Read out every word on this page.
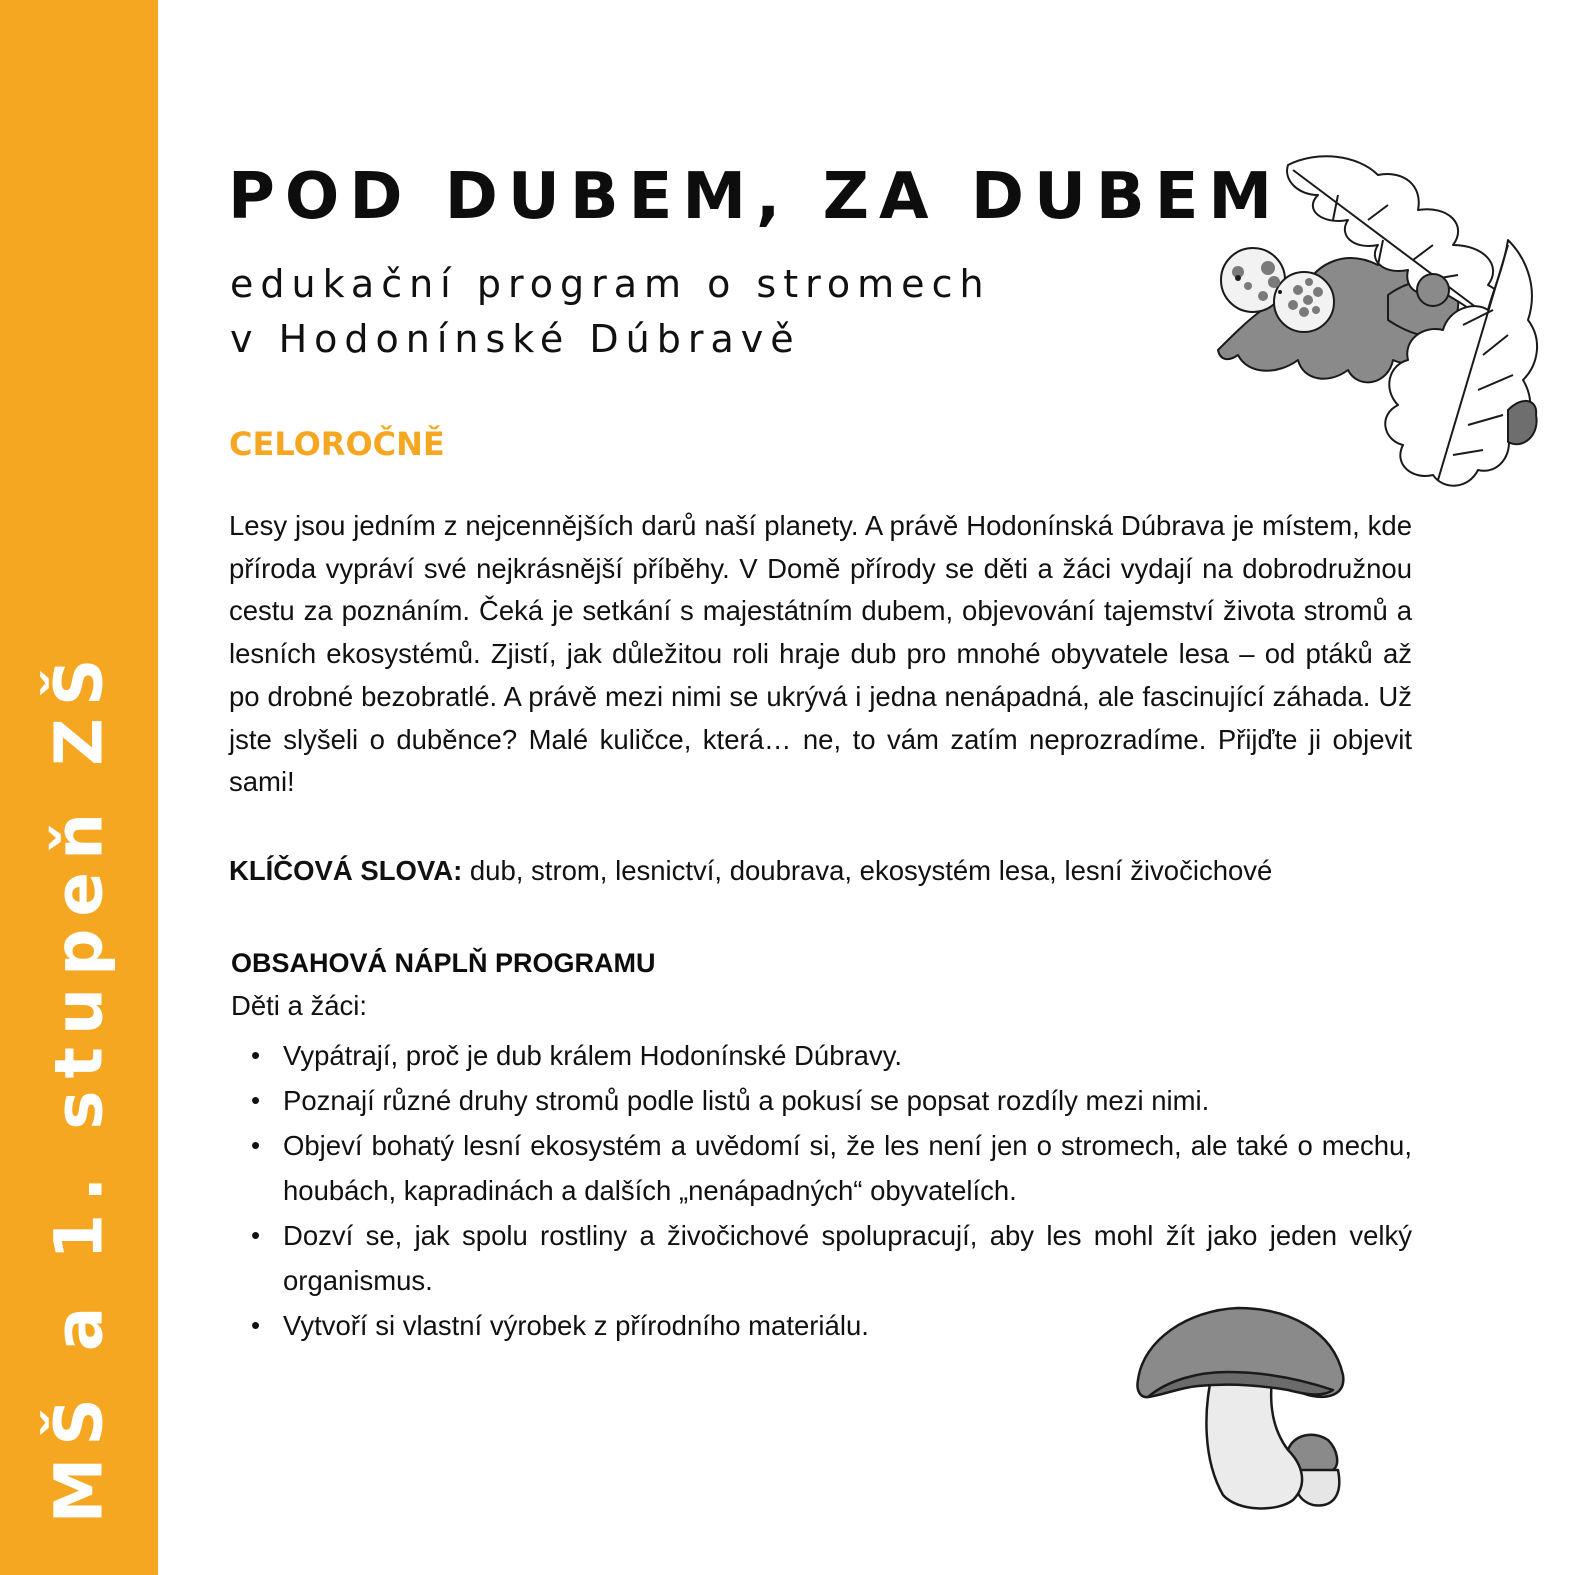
MŠ a 1. stupeň ZŠ
POD DUBEM, ZA DUBEM
edukační program o stromech
v Hodonínské Dúbravě
CELOROČNĚ

Lesy jsou jedním z nejcennějších darů naší planety. A právě Hodonínská Dúbrava je místem, kde příroda vypráví své nejkrásnější příběhy. V Domě přírody se děti a žáci vydají na dobrodružnou cestu za poznáním. Čeká je setkání s majestátním dubem, objevování tajemství života stromů a lesních ekosystémů. Zjistí, jak důležitou roli hraje dub pro mnohé obyvatele lesa – od ptáků až po drobné bezobratlé. A právě mezi nimi se ukrývá i jedna nenápadná, ale fascinující záhada. Už jste slyšeli o duběnce? Malé kuličce, která… ne, to vám zatím neprozradíme. Přijďte ji objevit sami!

KLÍČOVÁ SLOVA: dub, strom, lesnictví, doubrava, ekosystém lesa, lesní živočichové
OBSAHOVÁ NÁPLŇ PROGRAMU
Děti a žáci:
• Vypátrají, proč je dub králem Hodonínské Dúbravy.
• Poznají různé druhy stromů podle listů a pokusí se popsat rozdíly mezi nimi.
• Objeví bohatý lesní ekosystém a uvědomí si, že les není jen o stromech, ale také o mechu, houbách, kapradinách a dalších „nenápadných“ obyvatelích.
• Dozví se, jak spolu rostliny a živočichové spolupracují, aby les mohl žít jako jeden velký organismus.
• Vytvoří si vlastní výrobek z přírodního materiálu.
